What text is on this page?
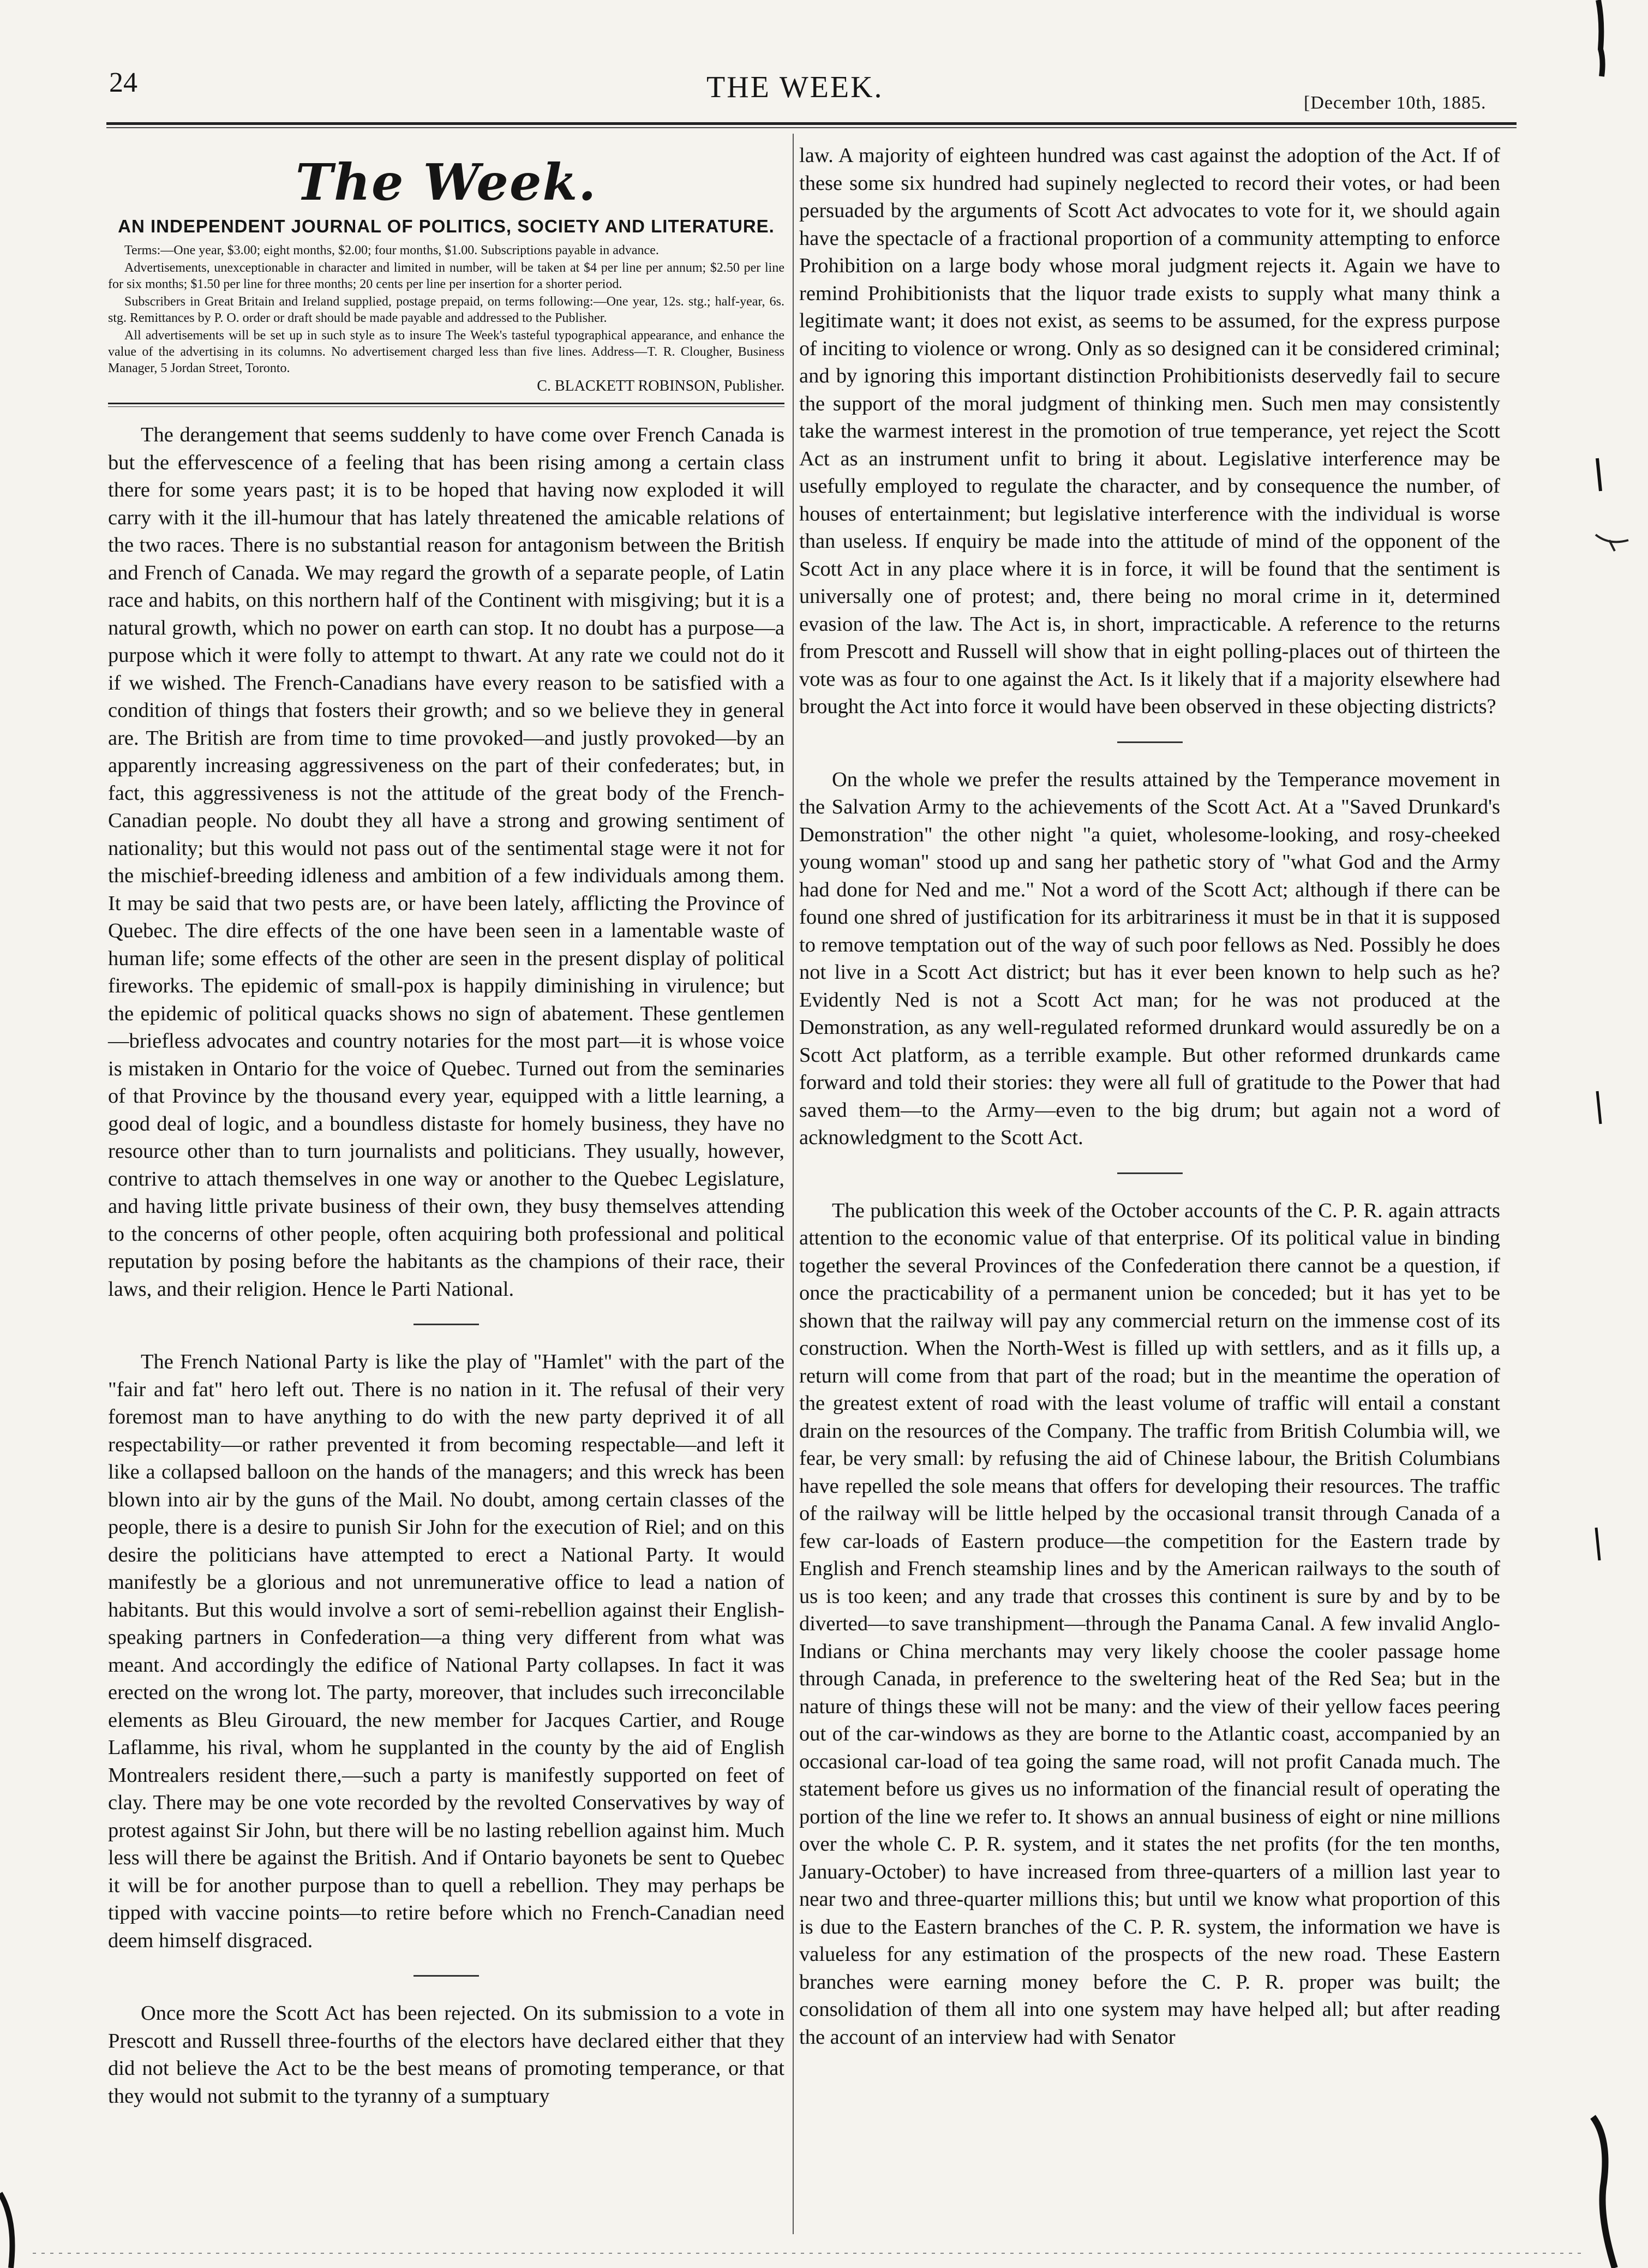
24	THE WEEK.	[December 10th, 1885.
The Week.
AN INDEPENDENT JOURNAL OF POLITICS, SOCIETY AND LITERATURE.

Terms:—One year, $3.00; eight months, $2.00; four months, $1.00. Subscriptions payable in advance.

Advertisements, unexceptionable in character and limited in number, will be taken at $4 per line per annum; $2.50 per line for six months; $1.50 per line for three months; 20 cents per line per insertion for a shorter period.

Subscribers in Great Britain and Ireland supplied, postage prepaid, on terms following:—One year, 12s. stg.; half-year, 6s. stg. Remittances by P. O. order or draft should be made payable and addressed to the Publisher.

All advertisements will be set up in such style as to insure The Week's tasteful typographical appearance, and enhance the value of the advertising in its columns. No advertisement charged less than five lines. Address—T. R. Clougher, Business Manager, 5 Jordan Street, Toronto.

C. BLACKETT ROBINSON, Publisher.

The derangement that seems suddenly to have come over French Canada is but the effervescence of a feeling that has been rising among a certain class there for some years past; it is to be hoped that having now exploded it will carry with it the ill-humour that has lately threatened the amicable relations of the two races. There is no substantial reason for antagonism between the British and French of Canada. We may regard the growth of a separate people, of Latin race and habits, on this northern half of the Continent with misgiving; but it is a natural growth, which no power on earth can stop. It no doubt has a purpose—a purpose which it were folly to attempt to thwart. At any rate we could not do it if we wished. The French-Canadians have every reason to be satisfied with a condition of things that fosters their growth; and so we believe they in general are. The British are from time to time provoked—and justly provoked—by an apparently increasing aggressiveness on the part of their confederates; but, in fact, this aggressiveness is not the attitude of the great body of the French-Canadian people. No doubt they all have a strong and growing sentiment of nationality; but this would not pass out of the sentimental stage were it not for the mischief-breeding idleness and ambition of a few individuals among them. It may be said that two pests are, or have been lately, afflicting the Province of Quebec. The dire effects of the one have been seen in a lamentable waste of human life; some effects of the other are seen in the present display of political fireworks. The epidemic of small-pox is happily diminishing in virulence; but the epidemic of political quacks shows no sign of abatement. These gentlemen —briefless advocates and country notaries for the most part—it is whose voice is mistaken in Ontario for the voice of Quebec. Turned out from the seminaries of that Province by the thousand every year, equipped with a little learning, a good deal of logic, and a boundless distaste for homely business, they have no resource other than to turn journalists and politicians. They usually, however, contrive to attach themselves in one way or another to the Quebec Legislature, and having little private business of their own, they busy themselves attending to the concerns of other people, often acquiring both professional and political reputation by posing before the habitants as the champions of their race, their laws, and their religion. Hence le Parti National.

The French National Party is like the play of "Hamlet" with the part of the "fair and fat" hero left out. There is no nation in it. The refusal of their very foremost man to have anything to do with the new party deprived it of all respectability—or rather prevented it from becoming respectable—and left it like a collapsed balloon on the hands of the managers; and this wreck has been blown into air by the guns of the Mail. No doubt, among certain classes of the people, there is a desire to punish Sir John for the execution of Riel; and on this desire the politicians have attempted to erect a National Party. It would manifestly be a glorious and not unremunerative office to lead a nation of habitants. But this would involve a sort of semi-rebellion against their English-speaking partners in Confederation—a thing very different from what was meant. And accordingly the edifice of National Party collapses. In fact it was erected on the wrong lot. The party, moreover, that includes such irreconcilable elements as Bleu Girouard, the new member for Jacques Cartier, and Rouge Laflamme, his rival, whom he supplanted in the county by the aid of English Montrealers resident there,—such a party is manifestly supported on feet of clay. There may be one vote recorded by the revolted Conservatives by way of protest against Sir John, but there will be no lasting rebellion against him. Much less will there be against the British. And if Ontario bayonets be sent to Quebec it will be for another purpose than to quell a rebellion. They may perhaps be tipped with vaccine points—to retire before which no French-Canadian need deem himself disgraced.

Once more the Scott Act has been rejected. On its submission to a vote in Prescott and Russell three-fourths of the electors have declared either that they did not believe the Act to be the best means of promoting temperance, or that they would not submit to the tyranny of a sumptuary

law. A majority of eighteen hundred was cast against the adoption of the Act. If of these some six hundred had supinely neglected to record their votes, or had been persuaded by the arguments of Scott Act advocates to vote for it, we should again have the spectacle of a fractional proportion of a community attempting to enforce Prohibition on a large body whose moral judgment rejects it. Again we have to remind Prohibitionists that the liquor trade exists to supply what many think a legitimate want; it does not exist, as seems to be assumed, for the express purpose of inciting to violence or wrong. Only as so designed can it be considered criminal; and by ignoring this important distinction Prohibitionists deservedly fail to secure the support of the moral judgment of thinking men. Such men may consistently take the warmest interest in the promotion of true temperance, yet reject the Scott Act as an instrument unfit to bring it about. Legislative interference may be usefully employed to regulate the character, and by consequence the number, of houses of entertainment; but legislative interference with the individual is worse than useless. If enquiry be made into the attitude of mind of the opponent of the Scott Act in any place where it is in force, it will be found that the sentiment is universally one of protest; and, there being no moral crime in it, determined evasion of the law. The Act is, in short, impracticable. A reference to the returns from Prescott and Russell will show that in eight polling-places out of thirteen the vote was as four to one against the Act. Is it likely that if a majority elsewhere had brought the Act into force it would have been observed in these objecting districts?

On the whole we prefer the results attained by the Temperance movement in the Salvation Army to the achievements of the Scott Act. At a "Saved Drunkard's Demonstration" the other night "a quiet, wholesome-looking, and rosy-cheeked young woman" stood up and sang her pathetic story of "what God and the Army had done for Ned and me." Not a word of the Scott Act; although if there can be found one shred of justification for its arbitrariness it must be in that it is supposed to remove temptation out of the way of such poor fellows as Ned. Possibly he does not live in a Scott Act district; but has it ever been known to help such as he? Evidently Ned is not a Scott Act man; for he was not produced at the Demonstration, as any well-regulated reformed drunkard would assuredly be on a Scott Act platform, as a terrible example. But other reformed drunkards came forward and told their stories: they were all full of gratitude to the Power that had saved them—to the Army—even to the big drum; but again not a word of acknowledgment to the Scott Act.

The publication this week of the October accounts of the C. P. R. again attracts attention to the economic value of that enterprise. Of its political value in binding together the several Provinces of the Confederation there cannot be a question, if once the practicability of a permanent union be conceded; but it has yet to be shown that the railway will pay any commercial return on the immense cost of its construction. When the North-West is filled up with settlers, and as it fills up, a return will come from that part of the road; but in the meantime the operation of the greatest extent of road with the least volume of traffic will entail a constant drain on the resources of the Company. The traffic from British Columbia will, we fear, be very small: by refusing the aid of Chinese labour, the British Columbians have repelled the sole means that offers for developing their resources. The traffic of the railway will be little helped by the occasional transit through Canada of a few car-loads of Eastern produce—the competition for the Eastern trade by English and French steamship lines and by the American railways to the south of us is too keen; and any trade that crosses this continent is sure by and by to be diverted—to save transhipment—through the Panama Canal. A few invalid Anglo-Indians or China merchants may very likely choose the cooler passage home through Canada, in preference to the sweltering heat of the Red Sea; but in the nature of things these will not be many: and the view of their yellow faces peering out of the car-windows as they are borne to the Atlantic coast, accompanied by an occasional car-load of tea going the same road, will not profit Canada much. The statement before us gives us no information of the financial result of operating the portion of the line we refer to. It shows an annual business of eight or nine millions over the whole C. P. R. system, and it states the net profits (for the ten months, January-October) to have increased from three-quarters of a million last year to near two and three-quarter millions this; but until we know what proportion of this is due to the Eastern branches of the C. P. R. system, the information we have is valueless for any estimation of the prospects of the new road. These Eastern branches were earning money before the C. P. R. proper was built; the consolidation of them all into one system may have helped all; but after reading the account of an interview had with Senator
